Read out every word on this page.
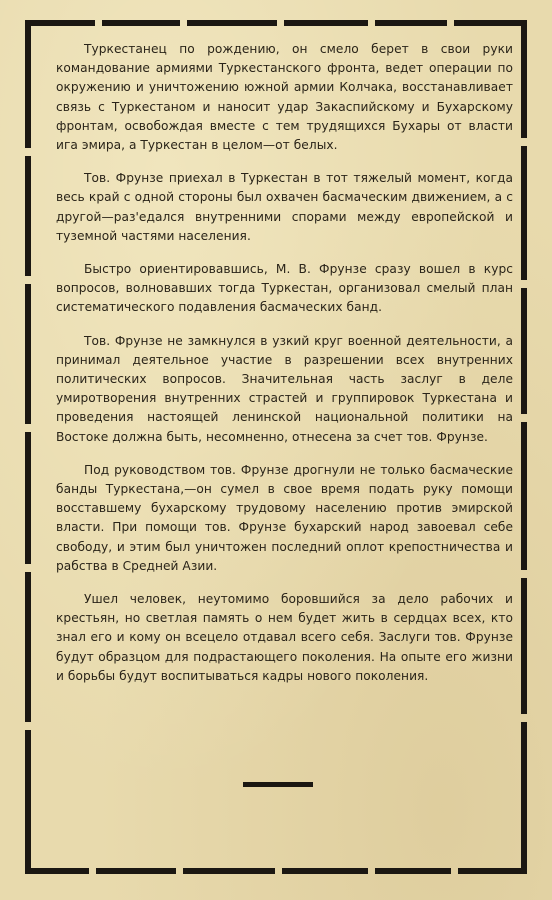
Туркестанец по рождению, он смело берет в свои руки командование армиями Туркестанского фронта, ведет операции по окружению и уничтожению южной армии Колчака, восстанавливает связь с Туркестаном и наносит удар Закаспийскому и Бухарскому фронтам, освобождая вместе с тем трудящихся Бухары от власти ига эмира, а Туркестан в целом—от белых.

Тов. Фрунзе приехал в Туркестан в тот тяжелый момент, когда весь край с одной стороны был охвачен басмаческим движением, а с другой—раз'едался внутренними спорами между европейской и туземной частями населения.

Быстро ориентировавшись, М. В. Фрунзе сразу вошел в курс вопросов, волновавших тогда Туркестан, организовал смелый план систематического подавления басмаческих банд.

Тов. Фрунзе не замкнулся в узкий круг военной деятельности, а принимал деятельное участие в разрешении всех внутренних политических вопросов. Значительная часть заслуг в деле умиротворения внутренних страстей и группировок Туркестана и проведения настоящей ленинской национальной политики на Востоке должна быть, несомненно, отнесена за счет тов. Фрунзе.

Под руководством тов. Фрунзе дрогнули не только басмаческие банды Туркестана,—он сумел в свое время подать руку помощи восставшему бухарскому трудовому населению против эмирской власти. При помощи тов. Фрунзе бухарский народ завоевал себе свободу, и этим был уничтожен последний оплот крепостничества и рабства в Средней Азии.

Ушел человек, неутомимо боровшийся за дело рабочих и крестьян, но светлая память о нем будет жить в сердцах всех, кто знал его и кому он всецело отдавал всего себя. Заслуги тов. Фрунзе будут образцом для подрастающего поколения. На опыте его жизни и борьбы будут воспитываться кадры нового поколения.
